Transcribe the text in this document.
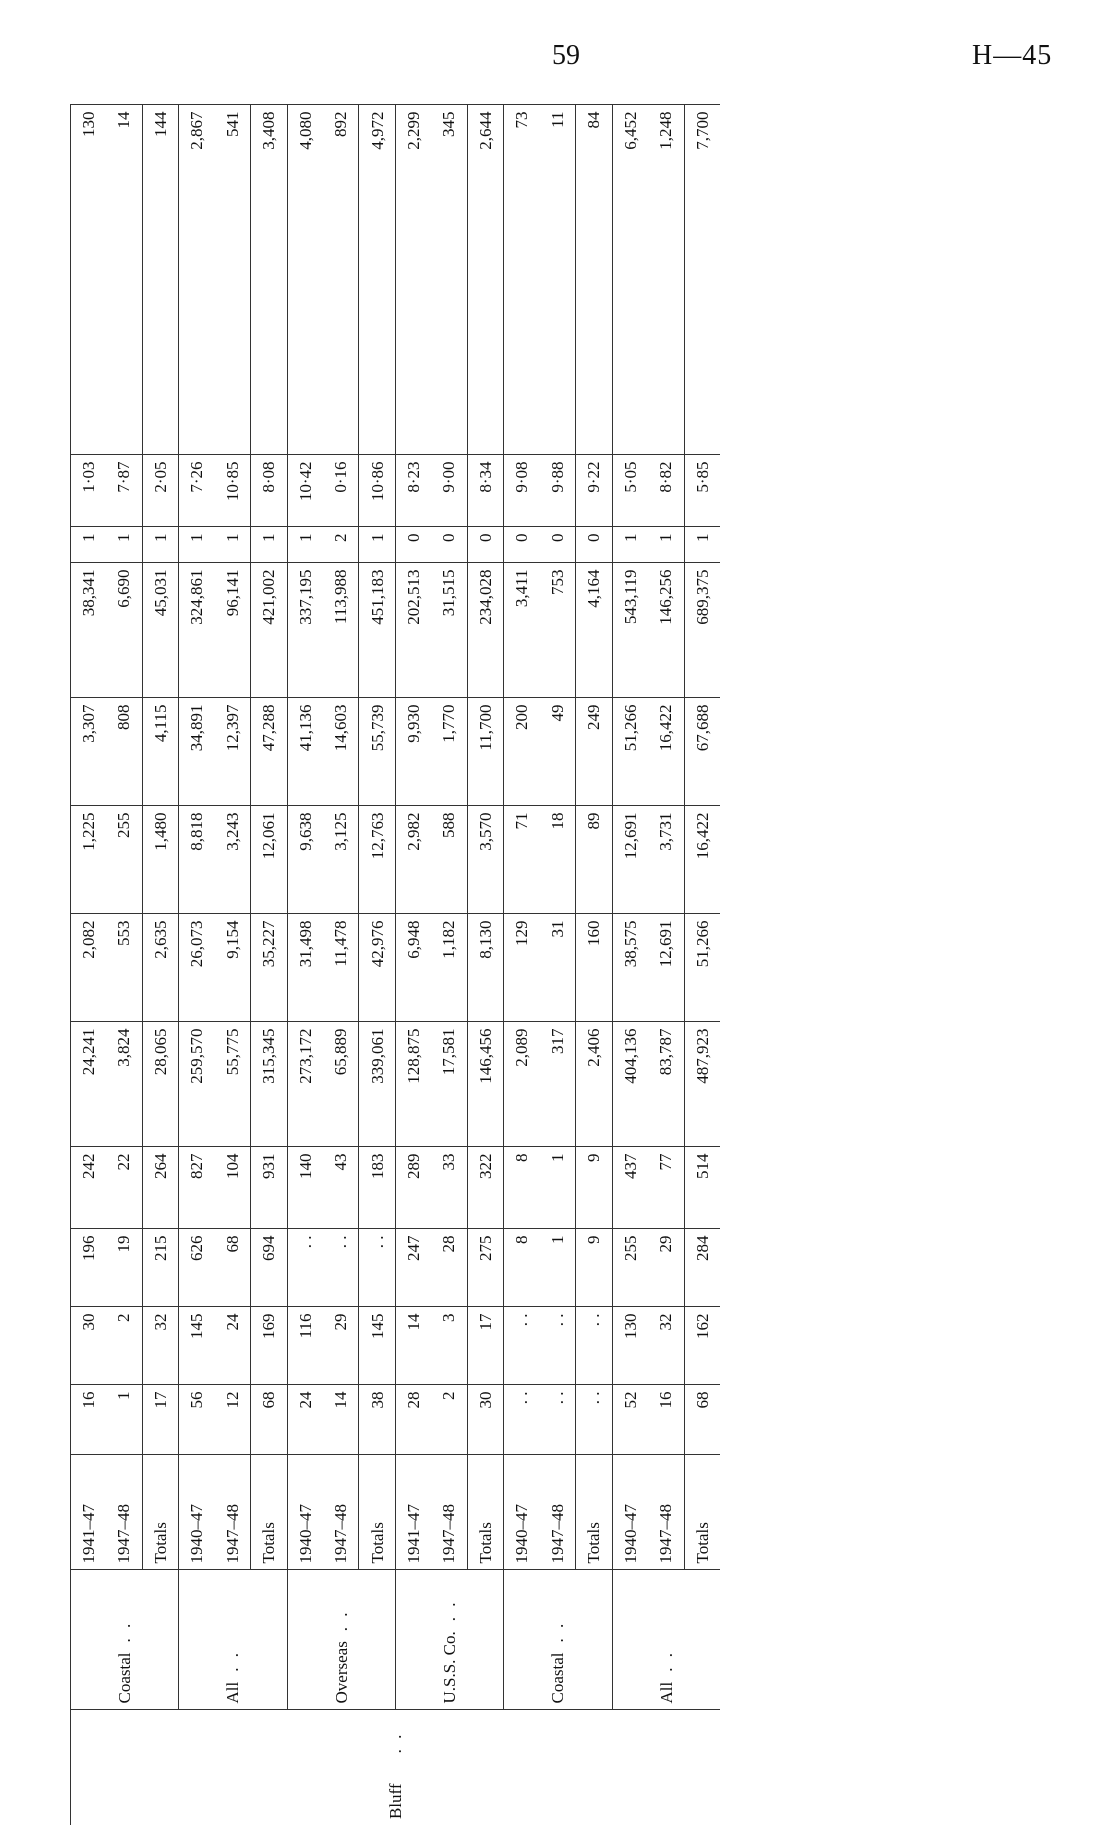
59	H—45
Bluff. .	Coastal. .	1941–47	16	30	196	242	24,241	2,082	1,225	3,307	38,341	1	1·03	130	
		1947–48	1	2	19	22	3,824	553	255	808	6,690	1	7·87	14	
		Totals	17	32	215	264	28,065	2,635	1,480	4,115	45,031	1	2·05	144	
	All. .	1940–47	56	145	626	827	259,570	26,073	8,818	34,891	324,861	1	7·26	2,867	
		1947–48	12	24	68	104	55,775	9,154	3,243	12,397	96,141	1	10·85	541	
		Totals	68	169	694	931	315,345	35,227	12,061	47,288	421,002	1	8·08	3,408	
	Overseas. .	1940–47	24	116	. .	140	273,172	31,498	9,638	41,136	337,195	1	10·42	4,080	
		1947–48	14	29	. .	43	65,889	11,478	3,125	14,603	113,988	2	0·16	892	
		Totals	38	145	. .	183	339,061	42,976	12,763	55,739	451,183	1	10·86	4,972	
	U.S.S. Co.. .	1941–47	28	14	247	289	128,875	6,948	2,982	9,930	202,513	0	8·23	2,299	
		1947–48	2	3	28	33	17,581	1,182	588	1,770	31,515	0	9·00	345	
		Totals	30	17	275	322	146,456	8,130	3,570	11,700	234,028	0	8·34	2,644	
	Coastal. .	1940–47	. .	. .	8	8	2,089	129	71	200	3,411	0	9·08	73	
		1947–48	. .	. .	1	1	317	31	18	49	753	0	9·88	11	
		Totals	. .	. .	9	9	2,406	160	89	249	4,164	0	9·22	84	
	All. .	1940–47	52	130	255	437	404,136	38,575	12,691	51,266	543,119	1	5·05	6,452	
		1947–48	16	32	29	77	83,787	12,691	3,731	16,422	146,256	1	8·82	1,248	
		Totals	68	162	284	514	487,923	51,266	16,422	67,688	689,375	1	5·85	7,700	
